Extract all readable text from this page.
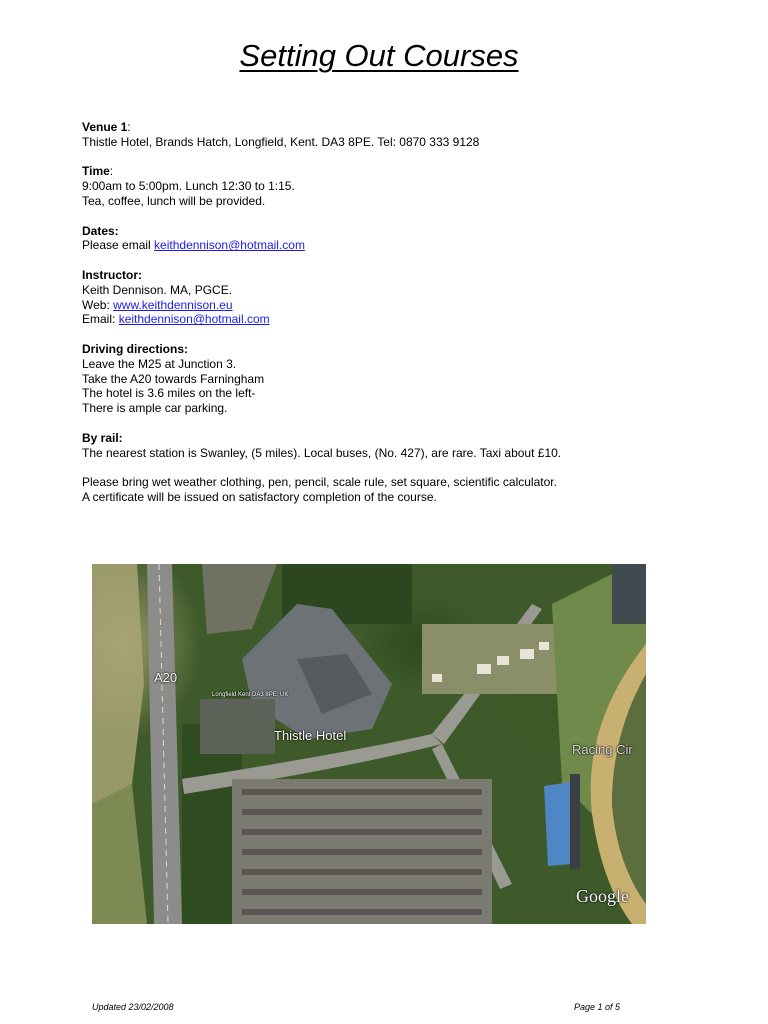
Setting Out Courses

Venue 1:

Thistle Hotel, Brands Hatch, Longfield, Kent. DA3 8PE. Tel: 0870 333 9128

Time:

9:00am to 5:00pm. Lunch 12:30 to 1:15.

Tea, coffee, lunch will be provided.

Dates:

Please email keithdennison@hotmail.com

Instructor:

Keith Dennison. MA, PGCE.

Web: www.keithdennison.eu

Email: keithdennison@hotmail.com

Driving directions:

Leave the M25 at Junction 3.

Take the A20 towards Farningham

The hotel is 3.6 miles on the left-

There is ample car parking.

By rail:

The nearest station is Swanley, (5 miles). Local buses, (No. 427), are rare. Taxi about £10.

Please bring wet weather clothing, pen, pencil, scale rule, set square, scientific calculator.

A certificate will be issued on satisfactory completion of the course.

A20
Longfield Kent DA3 8PE, UK
Thistle Hotel
Racing Cir
Google
Updated 23/02/2008	Page 1 of 5
